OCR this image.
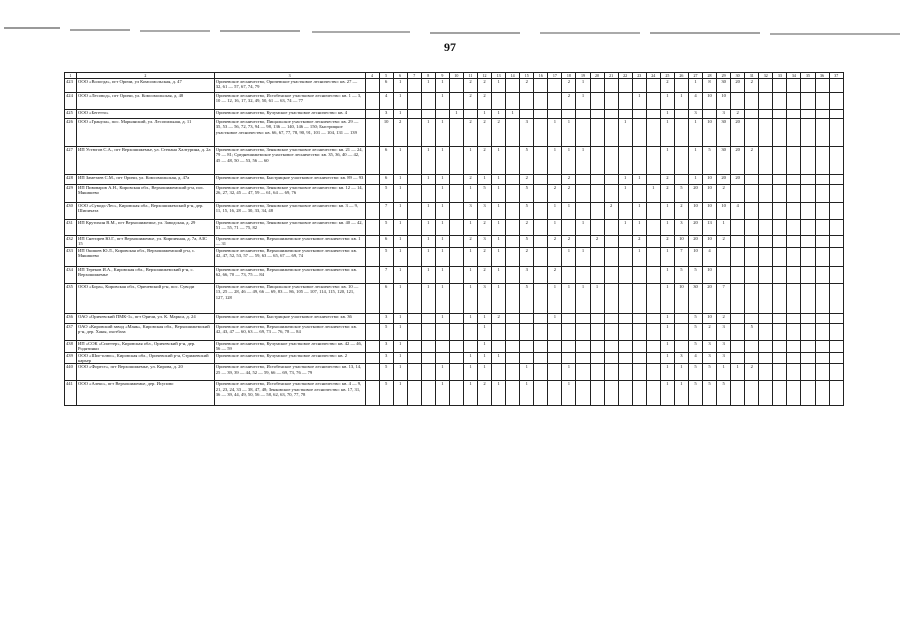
97
1	2	3	4	5	6	7	8	9	10	11	12	13	14	15	16	17	18	19	20	21	22	23	24	25	26	27	28	29	30	31	32	33	34	35	36	37
423	ООО «Вологда», пгт Оричи, ул Комсомольская, д. 47	Оричевское лесничество, Оричевское участковое лесничество: кв. 27 — 32, 61 — 57, 67, 74, 79		6	1		1	1		2	2	1		2			2	1						2		1	8	30	20	2						
424	ООО «Лесовод», пгт Оричи, ул. Комсомольская, д. 48	Оричевское лесничество, Истобенское участковое лесничество: кв. 1 — 3, 10 — 12, 16, 17, 32, 49, 50, 61 — 63, 74 — 77		4	1			1		2	2						2	1				1		1	1	4	10	10								
425	ООО «Бегетто»	Оричевское лесничество, Кучумское участковое лесничество: кв. 4		3	1				1		1	1	1											1		3		3	2							
426	ООО «Гранула», пос. Марьинский, ул. Лесопильная, д. 11	Оричевское лесничество, Пищальское участковое лесничество: кв. 29 — 35, 53 — 56, 72, 73, 94 — 98, 136 — 140, 146 — 150; Быстрицкое участковое лесничество: кв. 66, 67, 77, 78, 90, 91, 101 — 104, 131 — 139		10	2		1	1		2	2	2		3		1	1				1			1		1	10	30	20							
427	ИП Устюгов С.А., пгт Верхошижемье, ул. Степана Халтурина, д. 2а	Оричевское лесничество, Зенковское участковое лесничество: кв. 21 — 24, 79 — 81; Среднешижемское участковое лесничество: кв. 35, 36, 40 — 42, 45 — 48, 50 — 53, 56 — 60		6	1		1	1		1	2	1		5		1	1	1						1		1	5	30	20	2						
428	ИП Заметаев С.М., пгт Оричи, ул. Комсомольская, д. 47а	Оричевское лесничество, Быстрицкое участковое лесничество: кв. 89 — 93		6	1		1	1		2	1	1		2			2				1	1		2		1	10	20	20							
429	ИП Пивоваров А.Н., Кировская обл., Верхошижемский р-н, пос. Мякишево	Оричевское лесничество, Зенковское участковое лесничество: кв. 12 — 14, 26, 27, 32, 45 — 47, 59 — 61, 64 — 69, 76		5	1			1		1	5	1		5		2	2				1		1	2	5	20	10	2								
430	ООО «Суводь-Лес», Кировская обл., Верхошижемский р-н, дер. Шипичата	Оричевское лесничество, Зенковское участковое лесничество: кв. 3 — 9, 11, 15, 16, 28 — 30, 33, 34, 48		7	1		1	1		3	3	1		5		1	1			2		1		1	2	10	10	10	4							
431	ИП Крутихин В.М., пгт Верхошижемье, ул. Заводская, д. 29	Оричевское лесничество, Зенковское участковое лесничество: кв. 40 — 42, 51 — 55, 71 — 75, 82		5	1		1	1		1	2	1		2		1		1			1	1		1	3	20	13	1								
432	ИП Снегирев Ю.Г., пгт Верхошижемье, ул. Кирпичная, д. 7а, АЗС 15	Оричевское лесничество, Верхошижемское участковое лесничество: кв. 1 — 31		6	1		1	1		2	3	1		5		2	2		2			2		2	10	20	10	2								
433	ИП Окишев Ю.Л., Кировская обл., Верхошижемский р-н, с. Мякишево	Оричевское лесничество, Верхошижемское участковое лесничество: кв. 42, 47, 52, 53, 57 — 59, 63 — 65, 67 — 69, 74		5	1		1	1		1	2	1		2			1	1				1		1	7	10	4									
434	ИП Тереков И.А., Кировская обл., Верхошижемский р-н, с. Верхошижемье	Оричевское лесничество, Верхошижемское участковое лесничество: кв. 62, 66, 70 — 73, 75 — 84		7	1		1	1		1	2	1		3		2								1	5	5	10									
435	ООО «Бора», Кировская обл., Оричевский р-н, пос. Суводи	Оричевское лесничество, Пищальское участковое лесничество: кв. 10 — 13, 25 — 28, 46 — 49, 66 — 69, 83 — 86, 105 — 107, 114, 115, 120, 121, 127, 128		6	1		1	1		1	3	1		5		1	1	1	1					1	10	30	20	7								
436	ОАО «Оричевский ПМК-1», пгт Оричи, ул. К. Маркса, д. 24	Оричевское лесничество, Быстрицкое участковое лесничество: кв. 36		3	1			1		1	1	2				1								1		5	10	2								
437	ОАО «Кировский завод «Маяк», Кировская обл., Верхошижемский р-н, дер. Ханы, охотбаза	Оричевское лесничество, Верхошижемское участковое лесничество: кв. 42, 43, 47 — 60, 63 — 69, 73 — 76, 78 — 84		5	1						1													1		5	2	3		5						
438	ИП «СОК «Спиттер», Кировская обл., Оричевский р-н, дер. Родятинки	Оричевское лесничество, Кучумское участковое лесничество: кв. 42 — 46, 56 — 59		3	1						1													1		5	3	3								
439	ООО «Шиг-плюс», Кировская обл., Оричевский р-н, Стрижевский карьер	Оричевское лесничество, Кучумское участковое лесничество: кв. 2		3	1					1	1	1												1	3	4	3	3								
440	ООО «Форест», пгт Верхошижемье, ул. Кирова, д. 20	Оричевское лесничество, Истобенское участковое лесничество: кв. 13, 14, 25 — 39, 39 — 44, 52 — 59, 66 — 69, 73, 76 — 79		5	1			1		1	1			1			1							1	1	5	5	1	1	2						
441	ООО «Алекс», пгт Верхошижемье, дер. Исупово	Оричевское лесничество, Истобенское участковое лесничество: кв. 4 — 9, 21, 23, 24, 33 — 38, 47, 48; Зенковское участковое лесничество: кв. 17, 31, 36 — 39, 44, 49, 50, 56 — 58, 62, 63, 70, 77, 78		5	1			1		1	2	1		1			1							1	1	5	5	5								
